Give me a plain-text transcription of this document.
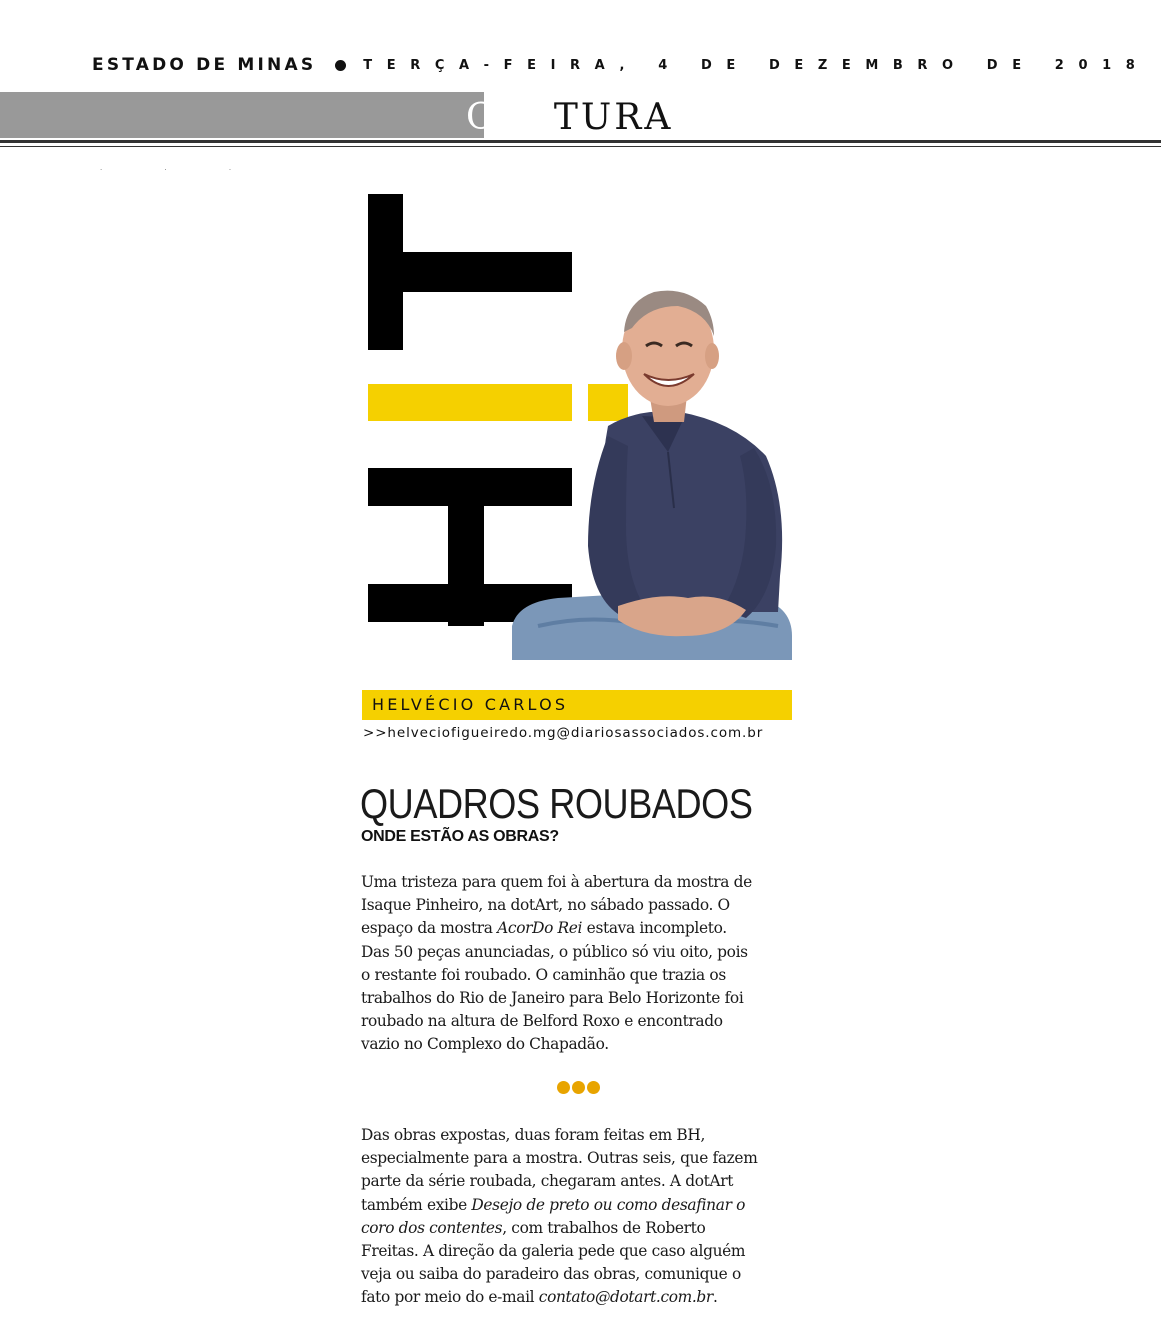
ESTADO DE MINAS	TERÇA-FEIRA, 4 DE DEZEMBRO DE 2018
CULTURA
· · ·
HELVÉCIO CARLOS
>>helveciofigueiredo.mg@diariosassociados.com.br
QUADROS ROUBADOS
ONDE ESTÃO AS OBRAS?
Uma tristeza para quem foi à abertura da mostra de
Isaque Pinheiro, na dotArt, no sábado passado. O
espaço da mostra AcorDo Rei estava incompleto.
Das 50 peças anunciadas, o público só viu oito, pois
o restante foi roubado. O caminhão que trazia os
trabalhos do Rio de Janeiro para Belo Horizonte foi
roubado na altura de Belford Roxo e encontrado
vazio no Complexo do Chapadão.
Das obras expostas, duas foram feitas em BH,
especialmente para a mostra. Outras seis, que fazem
parte da série roubada, chegaram antes. A dotArt
também exibe Desejo de preto ou como desafinar o
coro dos contentes, com trabalhos de Roberto
Freitas. A direção da galeria pede que caso alguém
veja ou saiba do paradeiro das obras, comunique o
fato por meio do e-mail contato@dotart.com.br.
